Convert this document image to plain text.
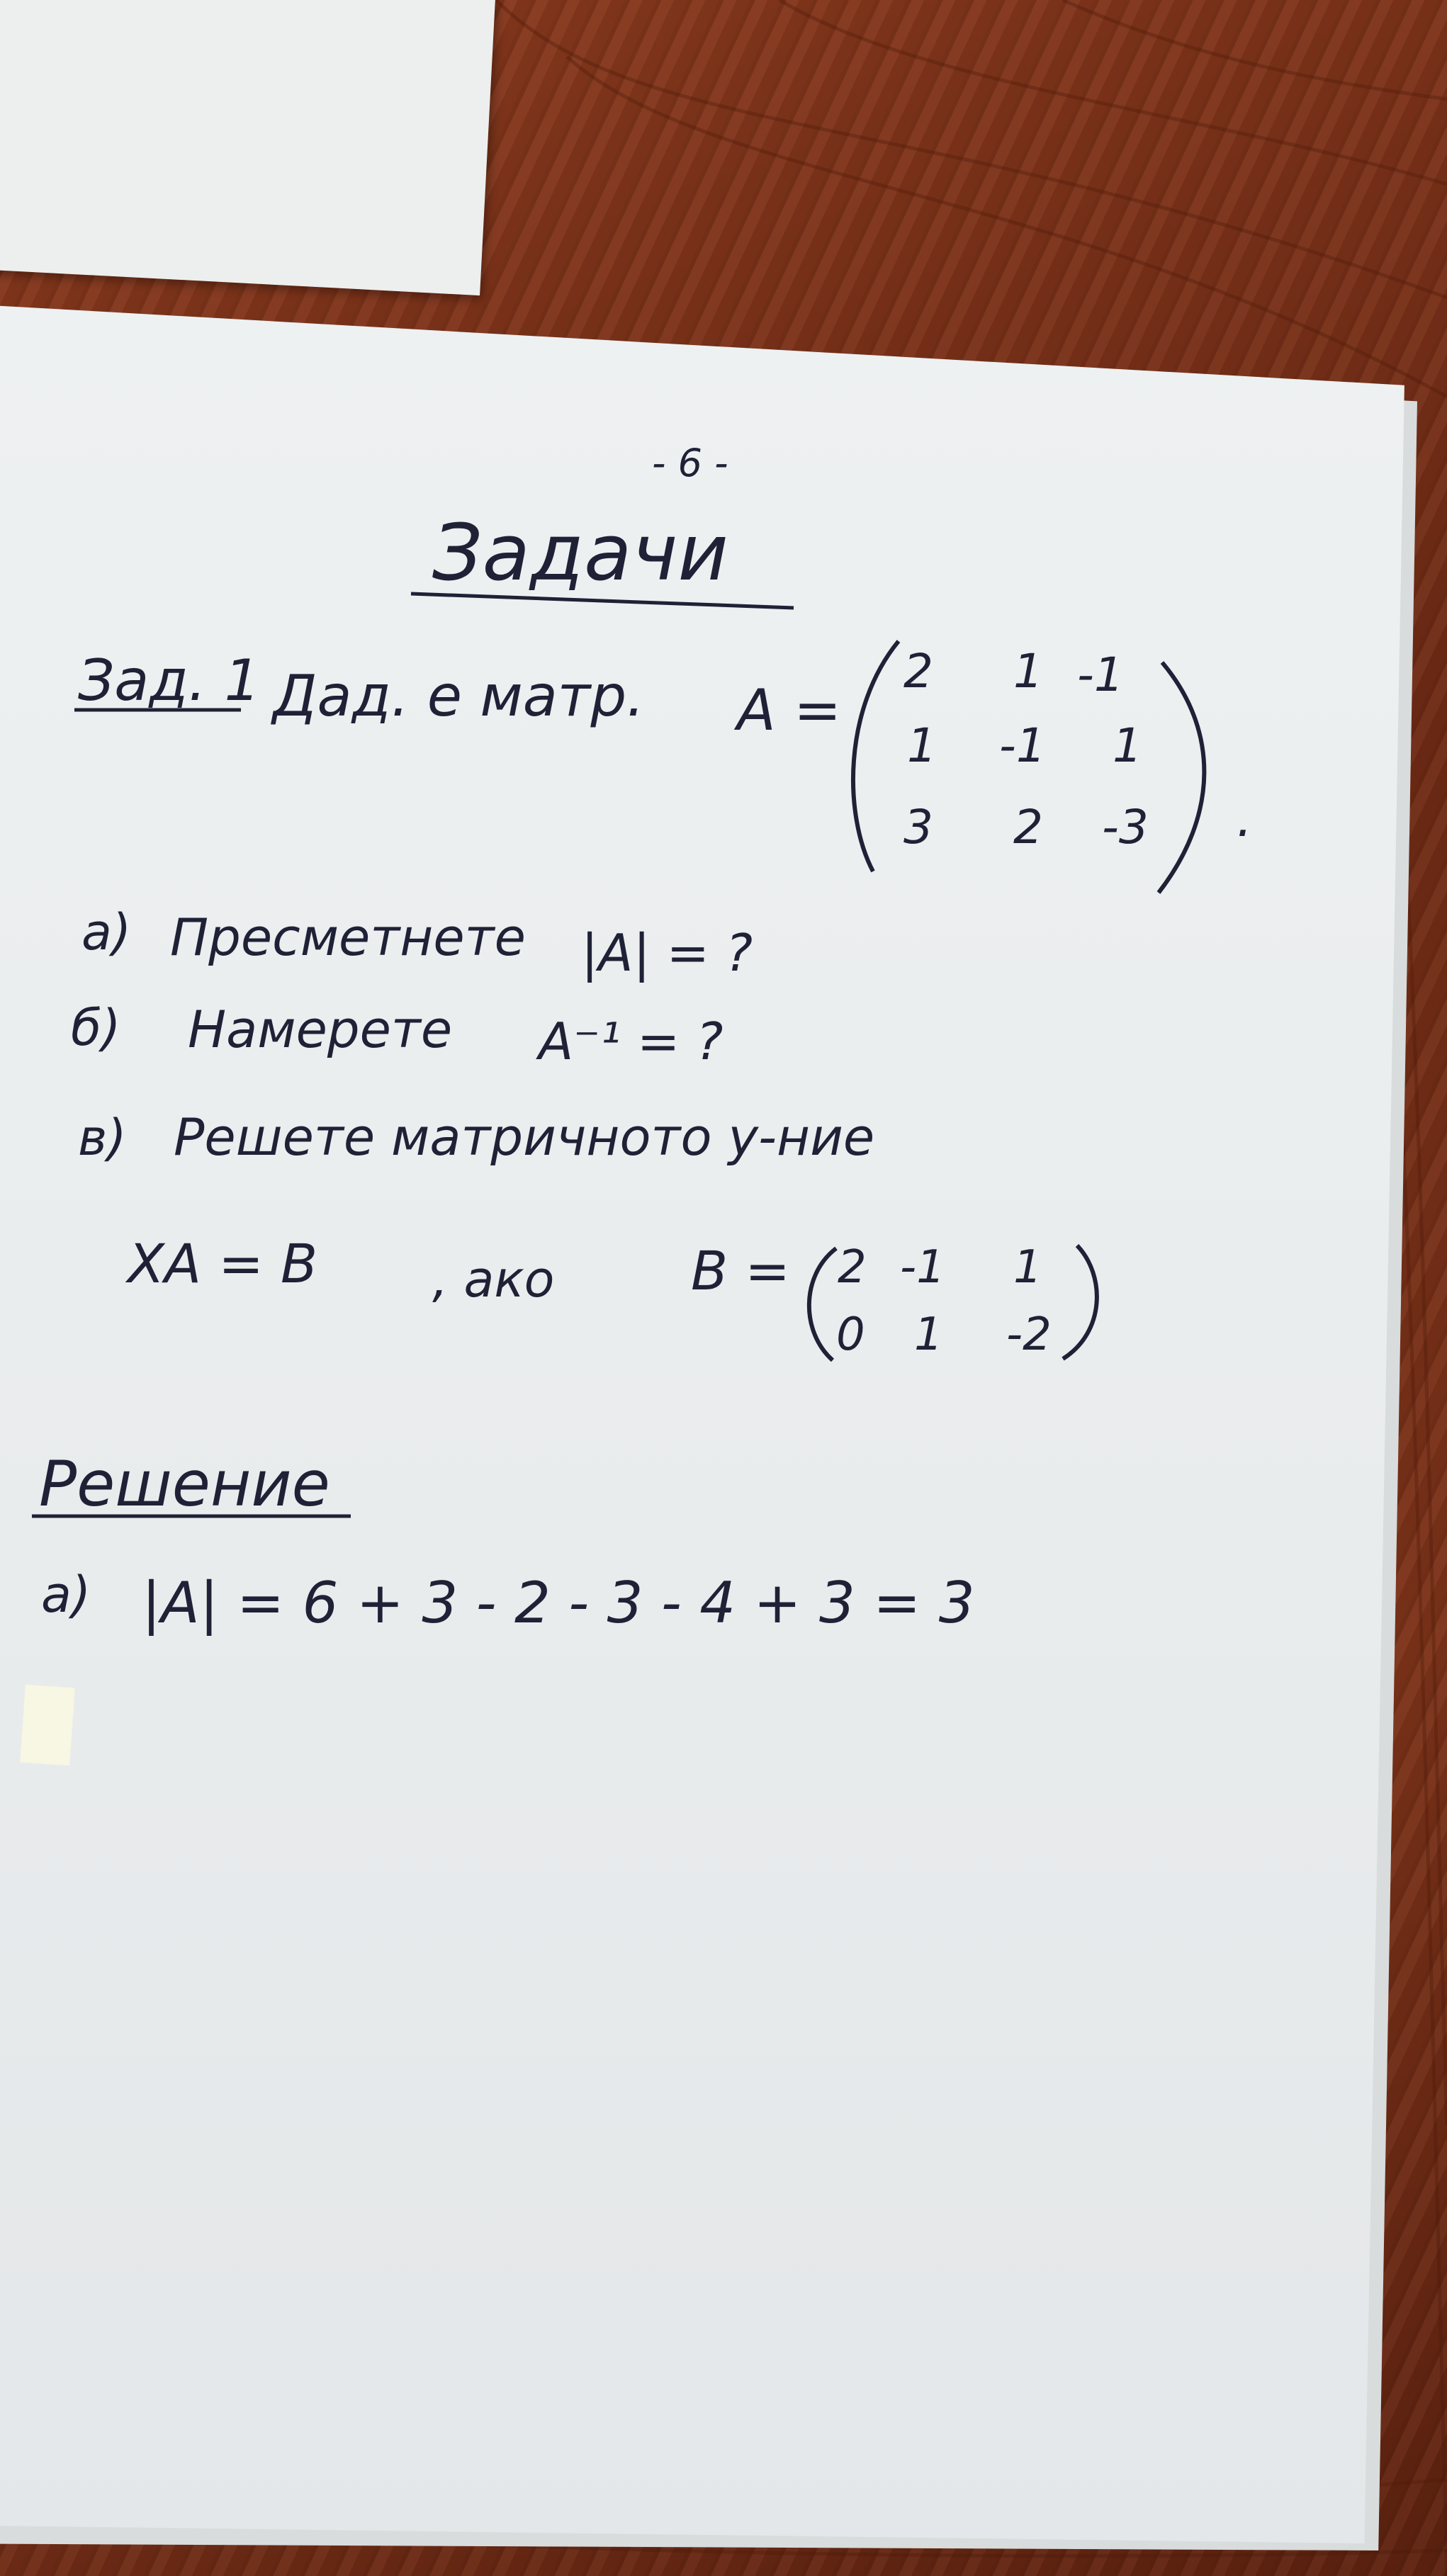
- 6 -
Задачи
Зад. 1 Дад. е матр. A =
.
2 1 -1
1 -1 1
3 2 -3
а) Пресметнете |A| = ?
б) Намерете A⁻¹ = ?
в) Решете матричното у-ние
XA = B , ако	B = 2 -1 1
0 1 -2
Решение
а) |A| = 6 + 3 - 2 - 3 - 4 + 3 = 3
